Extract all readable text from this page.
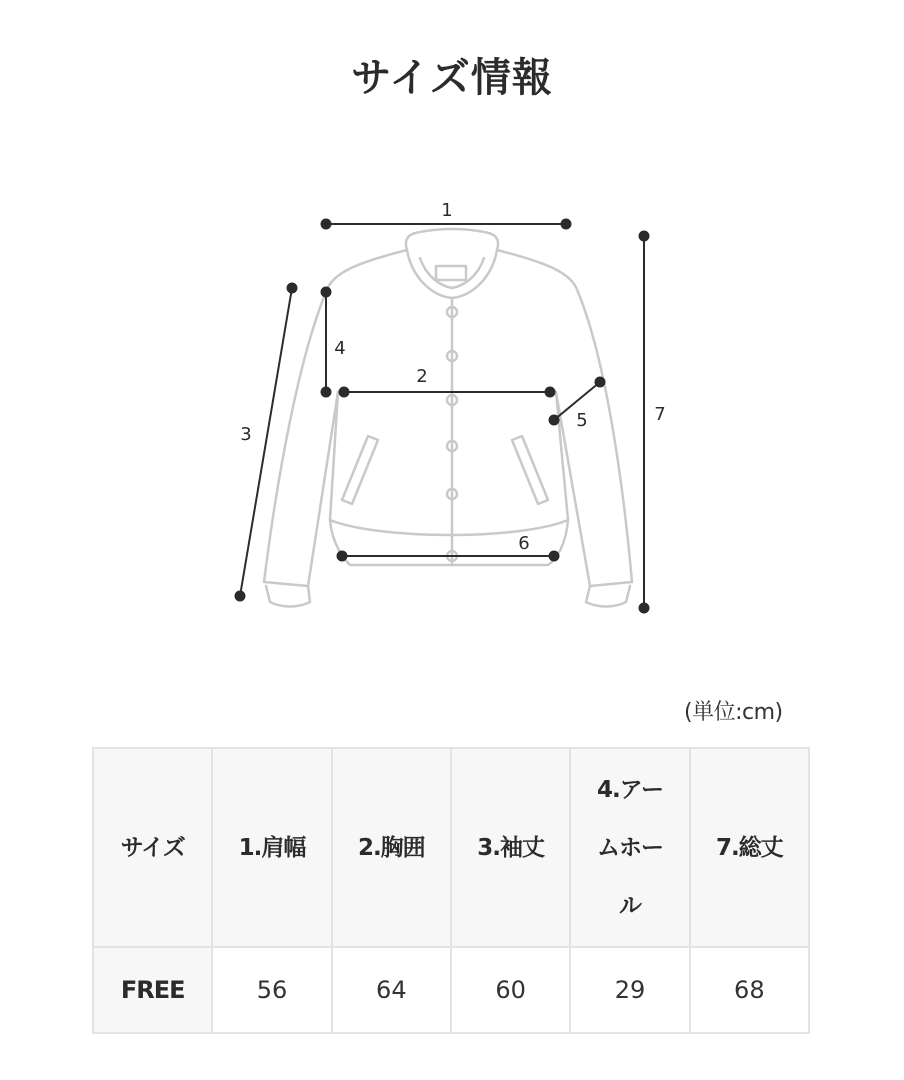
サイズ情報
1
2
3
4
5
6
7
(単位:cm)
サイズ	1.肩幅	2.胸囲	3.袖丈	4.アームホール	7.総丈
FREE	56	64	60	29	68
